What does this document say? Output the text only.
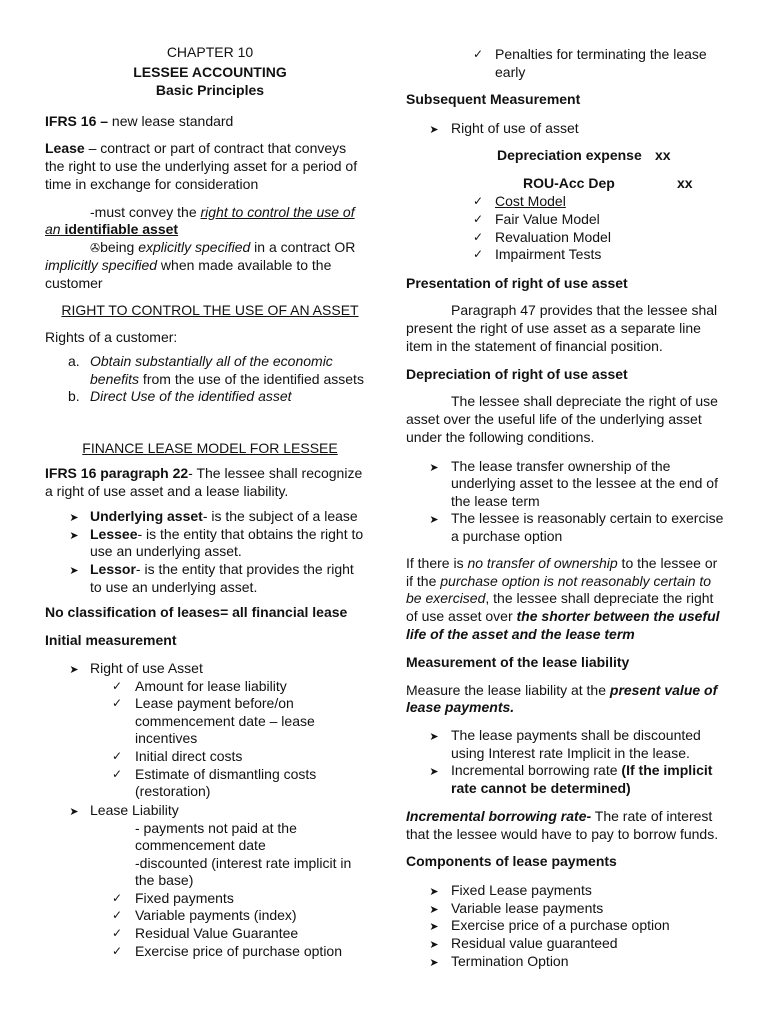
CHAPTER 10
LESSEE ACCOUNTING
Basic Principles
IFRS 16 – new lease standard
Lease – contract or part of contract that conveys
the right to use the underlying asset for a period of
time in exchange for consideration
-must convey the right to control the use of
an identifiable asset
✇being explicitly specified in a contract OR
implicitly specified when made available to the
customer
RIGHT TO CONTROL THE USE OF AN ASSET
Rights of a customer:
a. Obtain substantially all of the economic
benefits from the use of the identified assets
b. Direct Use of the identified asset
FINANCE LEASE MODEL FOR LESSEE
IFRS 16 paragraph 22- The lessee shall recognize
a right of use asset and a lease liability.
➤ Underlying asset- is the subject of a lease
➤ Lessee- is the entity that obtains the right to
use an underlying asset.
➤ Lessor- is the entity that provides the right
to use an underlying asset.
No classification of leases= all financial lease
Initial measurement
➤ Right of use Asset
✓ Amount for lease liability
✓ Lease payment before/on
commencement date – lease
incentives
✓ Initial direct costs
✓ Estimate of dismantling costs
(restoration)
➤ Lease Liability
- payments not paid at the
commencement date
-discounted (interest rate implicit in
the base)
✓ Fixed payments
✓ Variable payments (index)
✓ Residual Value Guarantee
✓ Exercise price of purchase option
✓ Penalties for terminating the lease
early
Subsequent Measurement
➤ Right of use of asset
Depreciation expense xx
ROU-Acc Dep	xx
✓ Cost Model
✓ Fair Value Model
✓ Revaluation Model
✓ Impairment Tests
Presentation of right of use asset
Paragraph 47 provides that the lessee shal
present the right of use asset as a separate line
item in the statement of financial position.
Depreciation of right of use asset
The lessee shall depreciate the right of use
asset over the useful life of the underlying asset
under the following conditions.
➤ The lease transfer ownership of the
underlying asset to the lessee at the end of
the lease term
➤ The lessee is reasonably certain to exercise
a purchase option
If there is no transfer of ownership to the lessee or
if the purchase option is not reasonably certain to
be exercised, the lessee shall depreciate the right
of use asset over the shorter between the useful
life of the asset and the lease term
Measurement of the lease liability
Measure the lease liability at the present value of
lease payments.
➤ The lease payments shall be discounted
using Interest rate Implicit in the lease.
➤ Incremental borrowing rate (If the implicit
rate cannot be determined)
Incremental borrowing rate- The rate of interest
that the lessee would have to pay to borrow funds.
Components of lease payments
➤ Fixed Lease payments
➤ Variable lease payments
➤ Exercise price of a purchase option
➤ Residual value guaranteed
➤ Termination Option
